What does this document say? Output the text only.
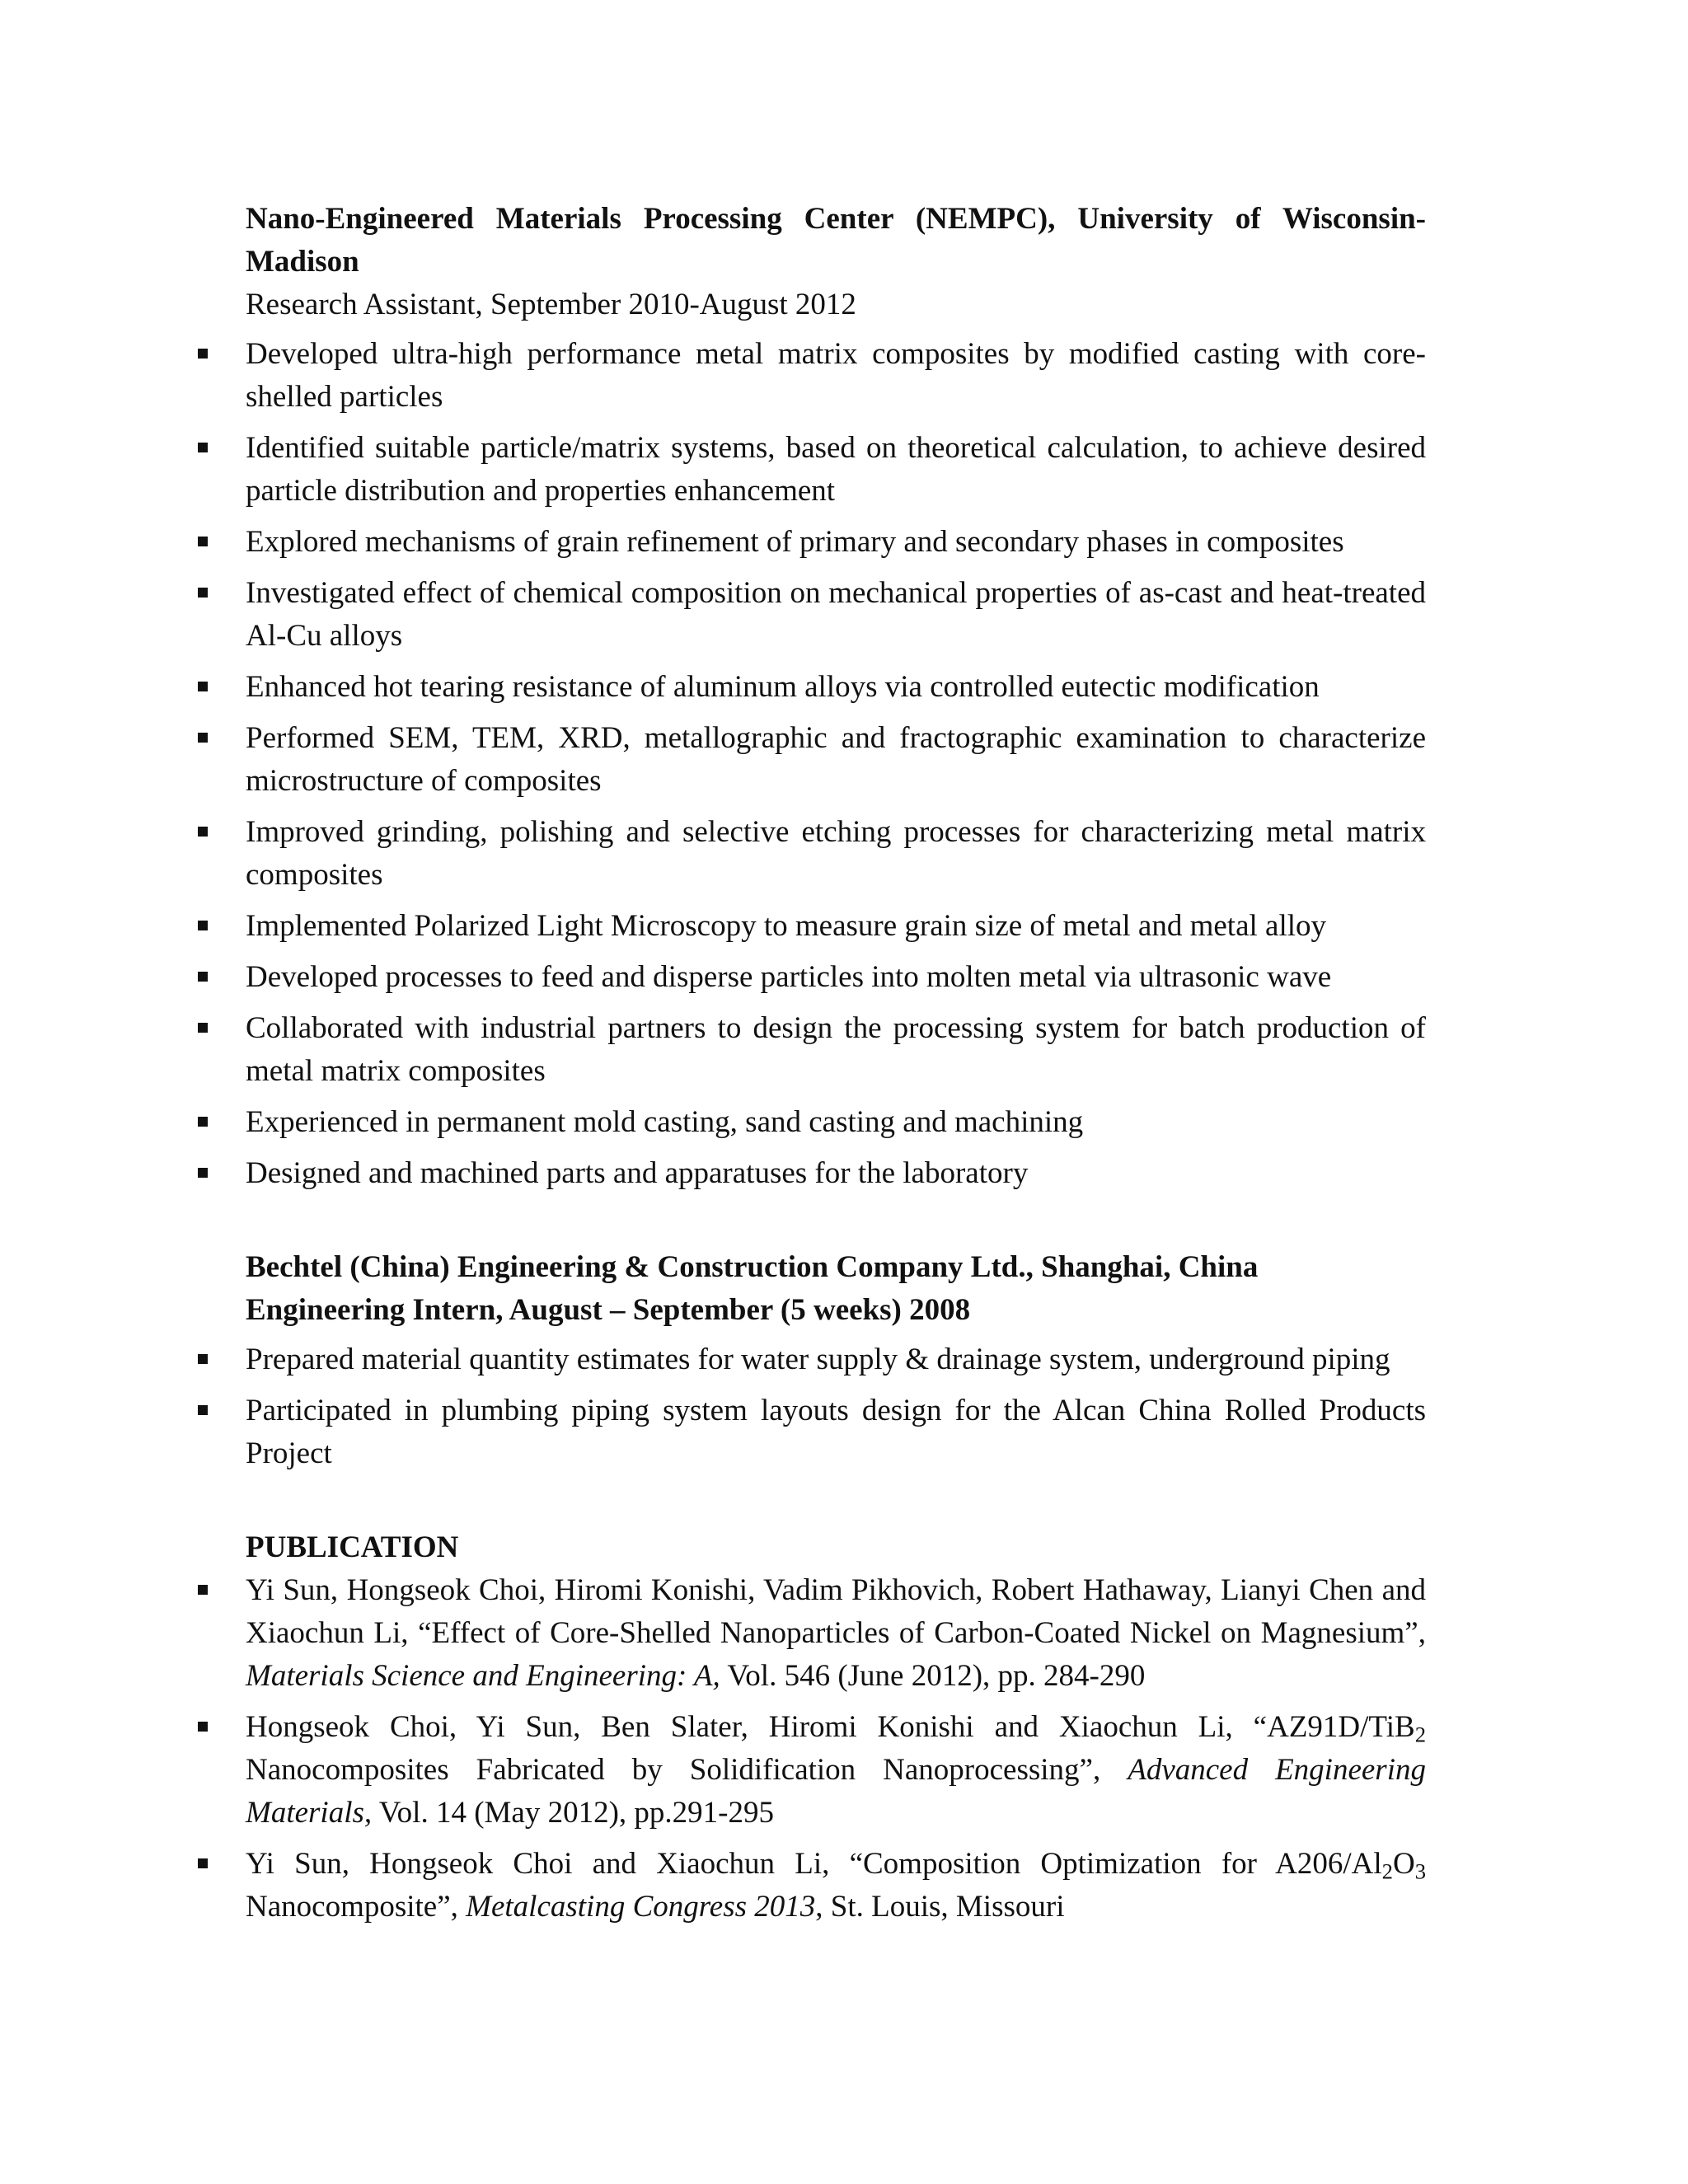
Nano-Engineered Materials Processing Center (NEMPC), University of Wisconsin-Madison

Research Assistant, September 2010-August 2012

Developed ultra-high performance metal matrix composites by modified casting with core-shelled particles
Identified suitable particle/matrix systems, based on theoretical calculation, to achieve desired particle distribution and properties enhancement
Explored mechanisms of grain refinement of primary and secondary phases in composites
Investigated effect of chemical composition on mechanical properties of as-cast and heat-treated Al-Cu alloys
Enhanced hot tearing resistance of aluminum alloys via controlled eutectic modification
Performed SEM, TEM, XRD, metallographic and fractographic examination to characterize microstructure of composites
Improved grinding, polishing and selective etching processes for characterizing metal matrix composites
Implemented Polarized Light Microscopy to measure grain size of metal and metal alloy
Developed processes to feed and disperse particles into molten metal via ultrasonic wave
Collaborated with industrial partners to design the processing system for batch production of metal matrix composites
Experienced in permanent mold casting, sand casting and machining
Designed and machined parts and apparatuses for the laboratory

Bechtel (China) Engineering & Construction Company Ltd., Shanghai, China

Engineering Intern, August – September (5 weeks) 2008

Prepared material quantity estimates for water supply & drainage system, underground piping
Participated in plumbing piping system layouts design for the Alcan China Rolled Products Project

PUBLICATION

Yi Sun, Hongseok Choi, Hiromi Konishi, Vadim Pikhovich, Robert Hathaway, Lianyi Chen and Xiaochun Li, “Effect of Core-Shelled Nanoparticles of Carbon-Coated Nickel on Magnesium”, Materials Science and Engineering: A, Vol. 546 (June 2012), pp. 284-290
Hongseok Choi, Yi Sun, Ben Slater, Hiromi Konishi and Xiaochun Li, “AZ91D/TiB$_2$ Nanocomposites Fabricated by Solidification Nanoprocessing”, Advanced Engineering Materials, Vol. 14 (May 2012), pp.291-295
Yi Sun, Hongseok Choi and Xiaochun Li, “Composition Optimization for $A206/Al_2O_3$ Nanocomposite”, Metalcasting Congress 2013, St. Louis, Missouri
